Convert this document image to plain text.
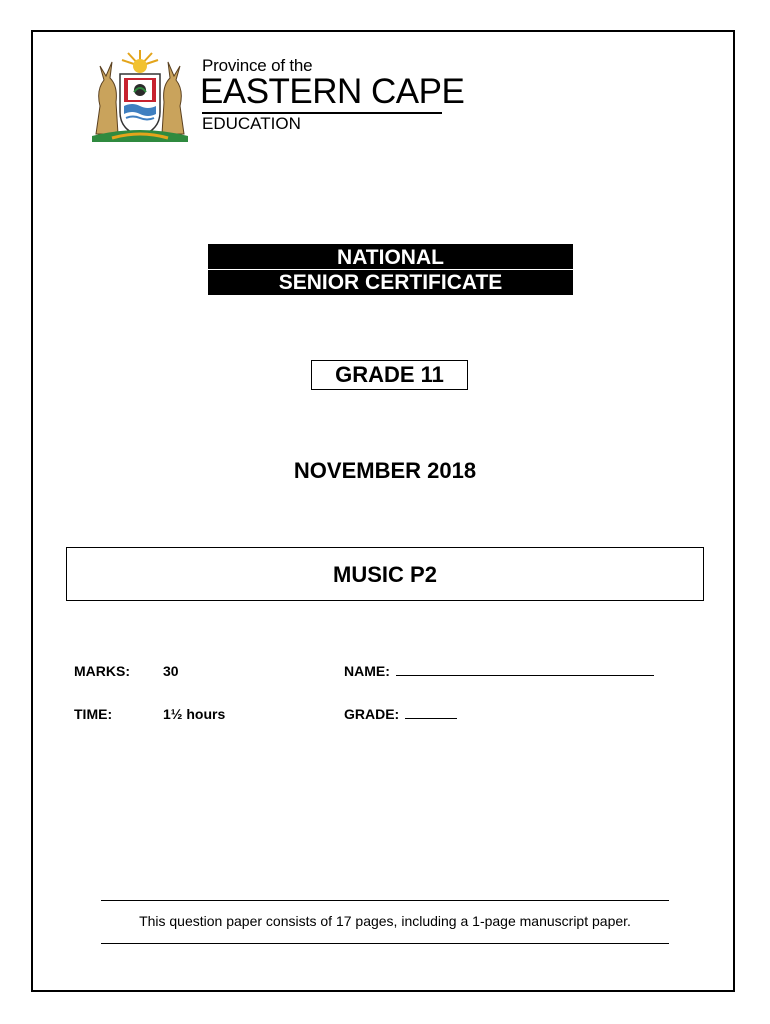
Province of the
EASTERN CAPE
EDUCATION
NATIONAL
SENIOR CERTIFICATE
GRADE 11
NOVEMBER 2018
MUSIC P2
MARKS: 30
TIME:	1½ hours
NAME:
GRADE:
This question paper consists of 17 pages, including a 1-page manuscript paper.
